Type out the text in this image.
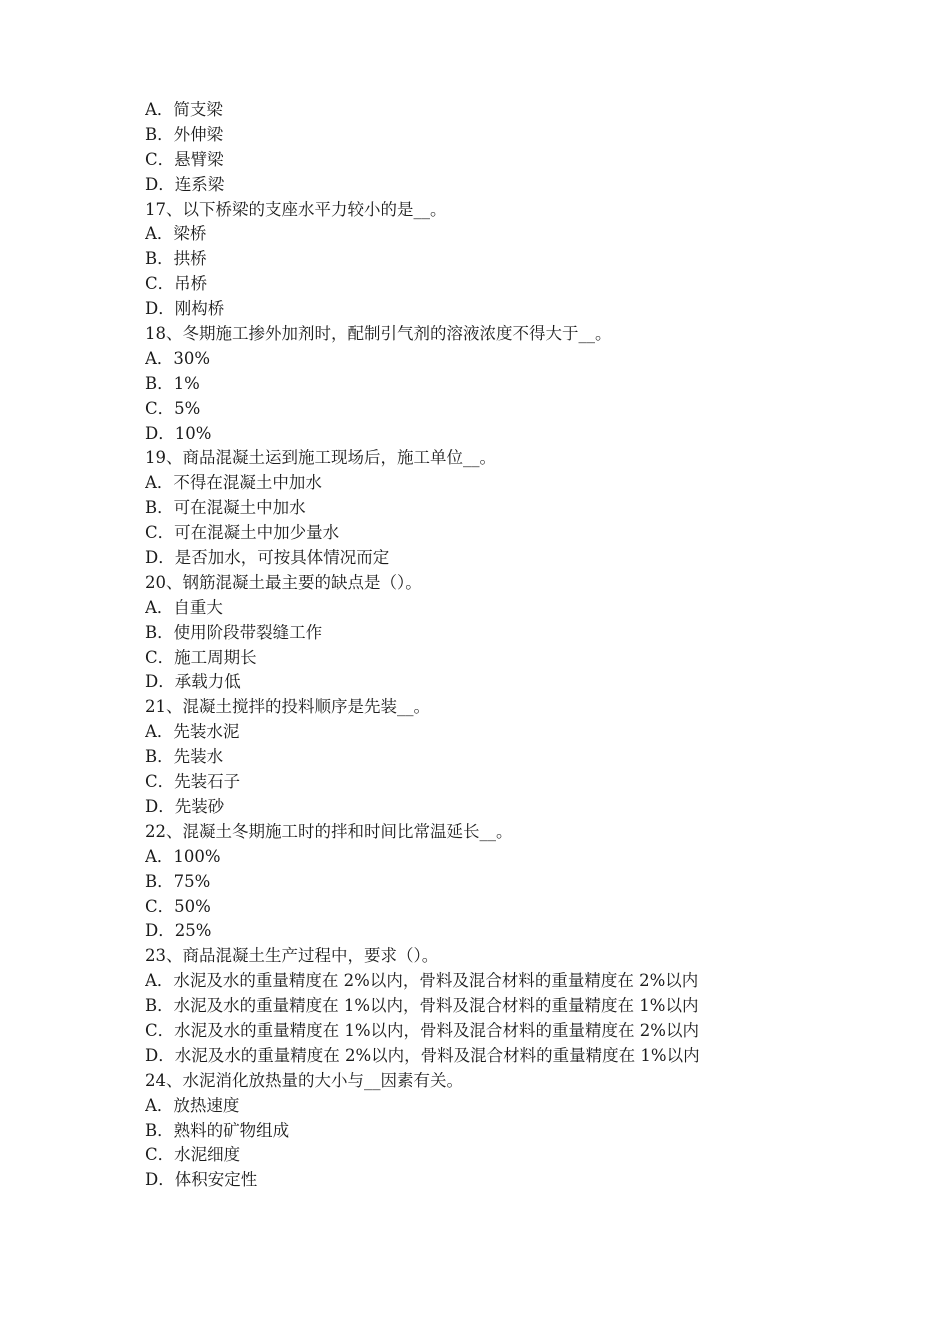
A．简支梁
B．外伸梁
C．悬臂梁
D．连系梁
17、以下桥梁的支座水平力较小的是__。
A．梁桥
B．拱桥
C．吊桥
D．刚构桥
18、冬期施工掺外加剂时，配制引气剂的溶液浓度不得大于__。
A．30%
B．1%
C．5%
D．10%
19、商品混凝土运到施工现场后，施工单位__。
A．不得在混凝土中加水
B．可在混凝土中加水
C．可在混凝土中加少量水
D．是否加水，可按具体情况而定
20、钢筋混凝土最主要的缺点是（）。
A．自重大
B．使用阶段带裂缝工作
C．施工周期长
D．承载力低
21、混凝土搅拌的投料顺序是先装__。
A．先装水泥
B．先装水
C．先装石子
D．先装砂
22、混凝土冬期施工时的拌和时间比常温延长__。
A．100%
B．75%
C．50%
D．25%
23、商品混凝土生产过程中，要求（）。
A．水泥及水的重量精度在 2%以内，骨料及混合材料的重量精度在 2%以内
B．水泥及水的重量精度在 1%以内，骨料及混合材料的重量精度在 1%以内
C．水泥及水的重量精度在 1%以内，骨料及混合材料的重量精度在 2%以内
D．水泥及水的重量精度在 2%以内，骨料及混合材料的重量精度在 1%以内
24、水泥消化放热量的大小与__因素有关。
A．放热速度
B．熟料的矿物组成
C．水泥细度
D．体积安定性
